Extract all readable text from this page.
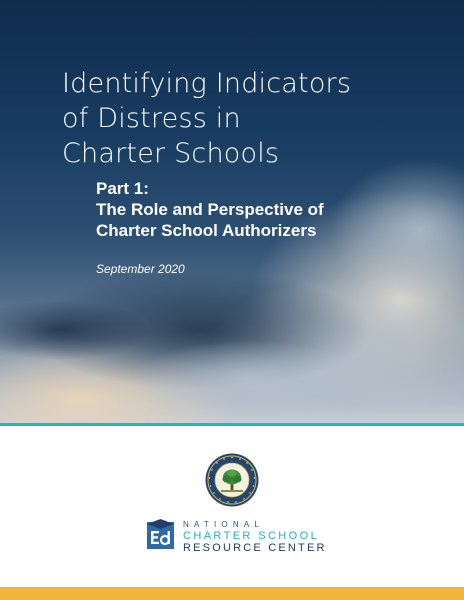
Identifying Indicators
of Distress in
Charter Schools
Part 1:
The Role and Perspective of
Charter School Authorizers
September 2020
NATIONAL
CHARTER SCHOOL
RESOURCE CENTER
